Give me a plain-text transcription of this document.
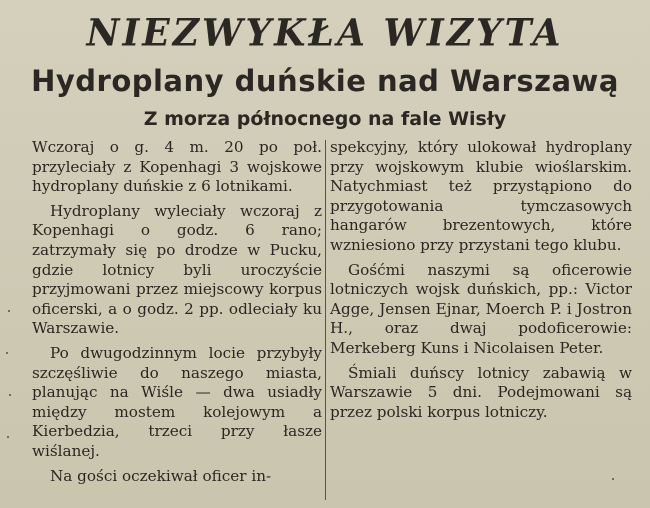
NIEZWYKŁA WIZYTA
Hydroplany duńskie nad Warszawą
Z morza północnego na fale Wisły

Wczoraj o g. 4 m. 20 po poł. przyleciały z Kopenhagi 3 wojskowe hydroplany duńskie z 6 lotnikami.

Hydroplany wyleciały wczoraj z Kopenhagi o godz. 6 rano; zatrzymały się po drodze w Pucku, gdzie lotnicy byli uroczyście przyjmowani przez miejscowy korpus oficerski, a o godz. 2 pp. odleciały ku Warszawie.

Po dwugodzinnym locie przybyły szczęśliwie do naszego miasta, planując na Wiśle — dwa usiadły między mostem kolejowym a Kierbedzia, trzeci przy łasze wiślanej.

Na gości oczekiwał oficer in-

spekcyjny, który ulokował hydroplany przy wojskowym klubie wioślarskim. Natychmiast też przystąpiono do przygotowania tymczasowych hangarów brezentowych, które wzniesiono przy przystani tego klubu.

Gośćmi naszymi są oficerowie lotniczych wojsk duńskich, pp.: Victor Agge, Jensen Ejnar, Moerch P. i Jostron H., oraz dwaj podoficerowie: Merkeberg Kuns i Nicolaisen Peter.

Śmiali duńscy lotnicy zabawią w Warszawie 5 dni. Podejmowani są przez polski korpus lotniczy.
